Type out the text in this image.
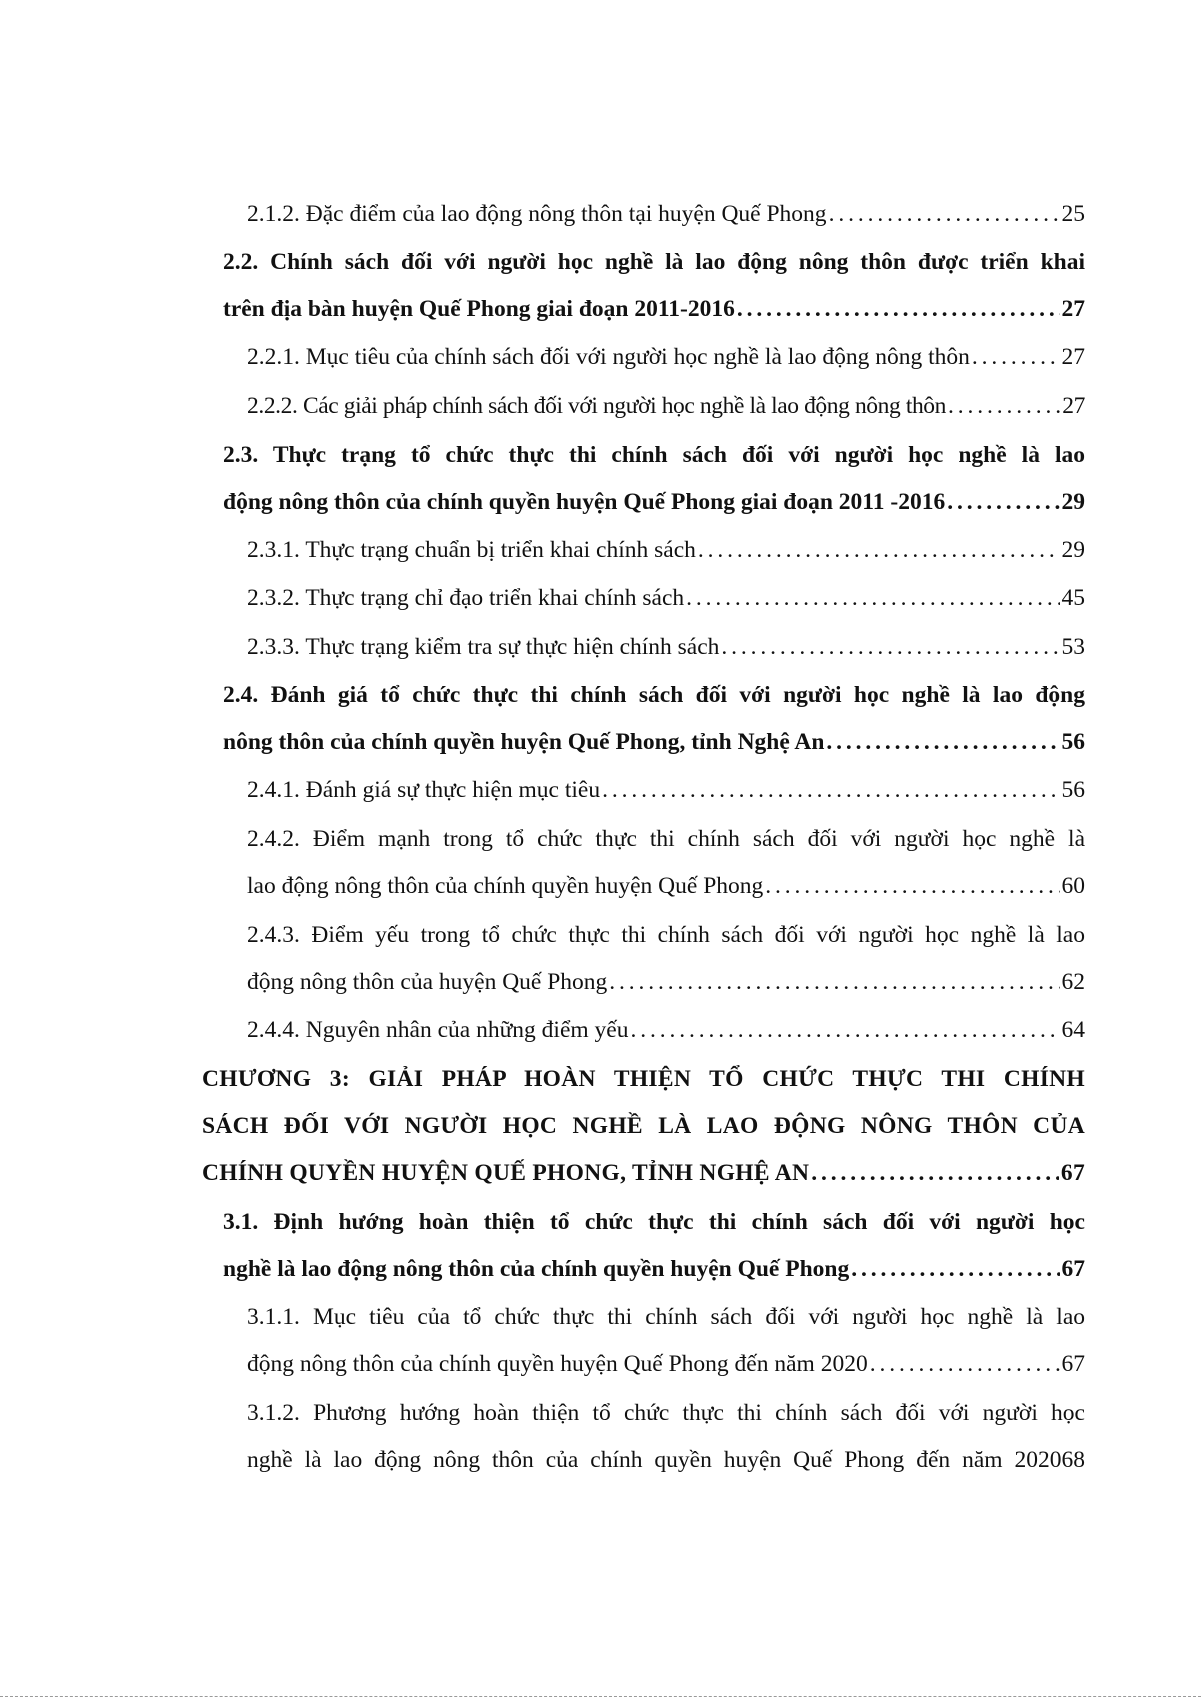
2.1.2. Đặc điểm của lao động nông thôn tại huyện Quế Phong . . .	25
2.2. Chính sách đối với người học nghề là lao động nông thôn được triển khai
trên địa bàn huyện Quế Phong giai đoạn 2011-2016 . . .	27
2.2.1. Mục tiêu của chính sách đối với người học nghề là lao động nông thôn . . .	27
2.2.2. Các giải pháp chính sách đối với người học nghề là lao động nông thôn . . .	27
2.3. Thực trạng tổ chức thực thi chính sách đối với người học nghề là lao
động nông thôn của chính quyền huyện Quế Phong giai đoạn 2011 -2016 . . .	29
2.3.1. Thực trạng chuẩn bị triển khai chính sách . . .	29
2.3.2. Thực trạng chỉ đạo triển khai chính sách . . .	45
2.3.3. Thực trạng kiểm tra sự thực hiện chính sách . . .	53
2.4. Đánh giá tổ chức thực thi chính sách đối với người học nghề là lao động
nông thôn của chính quyền huyện Quế Phong, tỉnh Nghệ An . . .	56
2.4.1. Đánh giá sự thực hiện mục tiêu . . .	56
2.4.2. Điểm mạnh trong tổ chức thực thi chính sách đối với người học nghề là
lao động nông thôn của chính quyền huyện Quế Phong . . .	60
2.4.3. Điểm yếu trong tổ chức thực thi chính sách đối với người học nghề là lao
động nông thôn của huyện Quế Phong . . .	62
2.4.4. Nguyên nhân của những điểm yếu . . .	64
CHƯƠNG 3: GIẢI PHÁP HOÀN THIỆN TỔ CHỨC THỰC THI CHÍNH
SÁCH ĐỐI VỚI NGƯỜI HỌC NGHỀ LÀ LAO ĐỘNG NÔNG THÔN CỦA
CHÍNH QUYỀN HUYỆN QUẾ PHONG, TỈNH NGHỆ AN . . .	67
3.1. Định hướng hoàn thiện tổ chức thực thi chính sách đối với người học
nghề là lao động nông thôn của chính quyền huyện Quế Phong . . .	67
3.1.1. Mục tiêu của tổ chức thực thi chính sách đối với người học nghề là lao
động nông thôn của chính quyền huyện Quế Phong đến năm 2020 . . .	67
3.1.2. Phương hướng hoàn thiện tổ chức thực thi chính sách đối với người học
nghề là lao động nông thôn của chính quyền huyện Quế Phong đến năm 202068
